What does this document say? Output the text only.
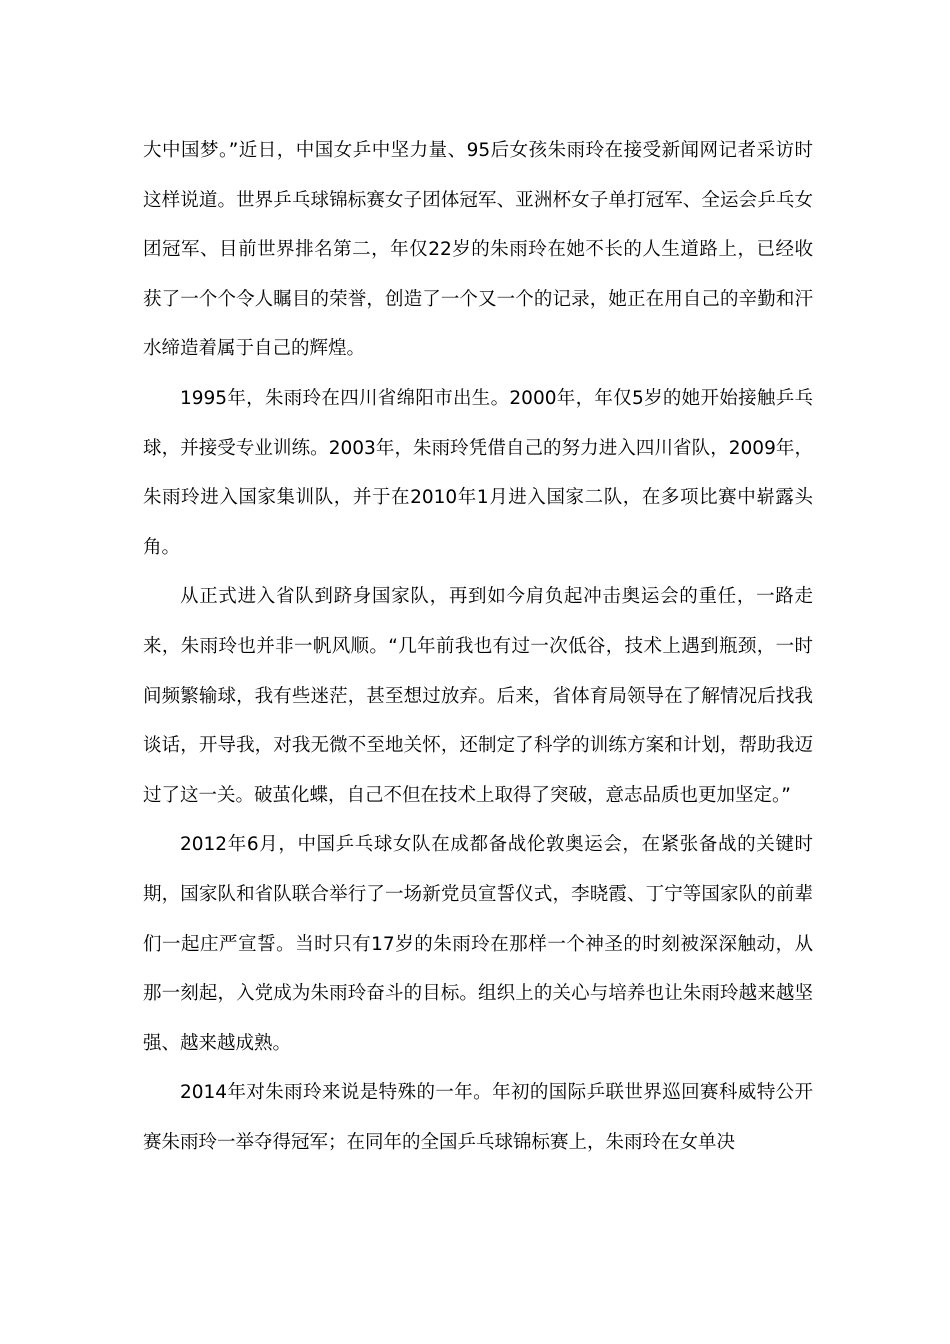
大中国梦。”近日，中国女乒中坚力量、95后女孩朱雨玲在接受新闻网记者采访时这样说道。世界乒乓球锦标赛女子团体冠军、亚洲杯女子单打冠军、全运会乒乓女团冠军、目前世界排名第二，年仅22岁的朱雨玲在她不长的人生道路上，已经收获了一个个令人瞩目的荣誉，创造了一个又一个的记录，她正在用自己的辛勤和汗水缔造着属于自己的辉煌。

1995年，朱雨玲在四川省绵阳市出生。2000年，年仅5岁的她开始接触乒乓球，并接受专业训练。2003年，朱雨玲凭借自己的努力进入四川省队，2009年，朱雨玲进入国家集训队，并于在2010年1月进入国家二队，在多项比赛中崭露头角。

从正式进入省队到跻身国家队，再到如今肩负起冲击奥运会的重任，一路走来，朱雨玲也并非一帆风顺。“几年前我也有过一次低谷，技术上遇到瓶颈，一时间频繁输球，我有些迷茫，甚至想过放弃。后来，省体育局领导在了解情况后找我谈话，开导我，对我无微不至地关怀，还制定了科学的训练方案和计划，帮助我迈过了这一关。破茧化蝶，自己不但在技术上取得了突破，意志品质也更加坚定。”

2012年6月，中国乒乓球女队在成都备战伦敦奥运会，在紧张备战的关键时期，国家队和省队联合举行了一场新党员宣誓仪式，李晓霞、丁宁等国家队的前辈们一起庄严宣誓。当时只有17岁的朱雨玲在那样一个神圣的时刻被深深触动，从那一刻起，入党成为朱雨玲奋斗的目标。组织上的关心与培养也让朱雨玲越来越坚强、越来越成熟。

2014年对朱雨玲来说是特殊的一年。年初的国际乒联世界巡回赛科威特公开赛朱雨玲一举夺得冠军；在同年的全国乒乓球锦标赛上，朱雨玲在女单决
